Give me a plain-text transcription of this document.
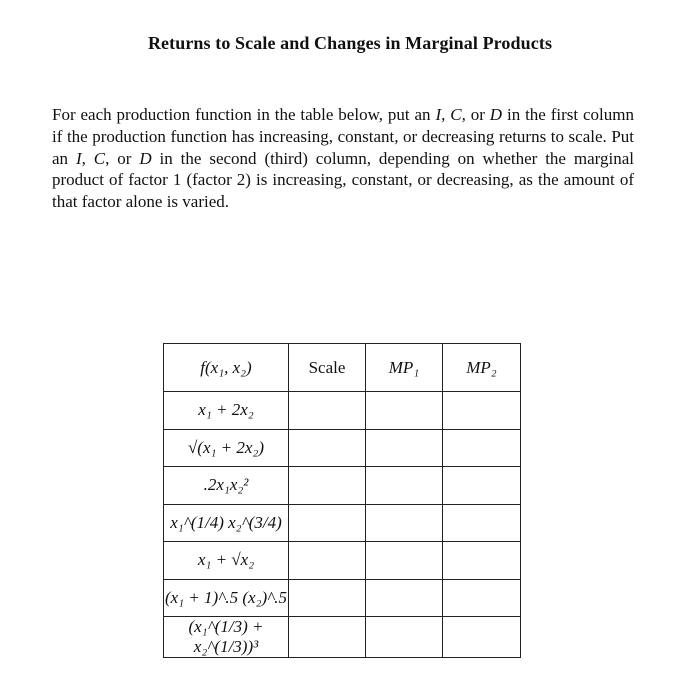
Returns to Scale and Changes in Marginal Products

For each production function in the table below, put an I, C, or D in the first column if the production function has increasing, constant, or decreasing returns to scale. Put an I, C, or D in the second (third) column, depending on whether the marginal product of factor 1 (factor 2) is increasing, constant, or decreasing, as the amount of that factor alone is varied.

f(x₁, x₂)	Scale	MP₁	MP₂
x₁ + 2x₂			
√(x₁ + 2x₂)			
.2x₁x₂²			
x₁^(1/4) x₂^(3/4)			
x₁ + √x₂			
(x₁ + 1)^.5 (x₂)^.5			
(x₁^(1/3) + x₂^(1/3))³			
